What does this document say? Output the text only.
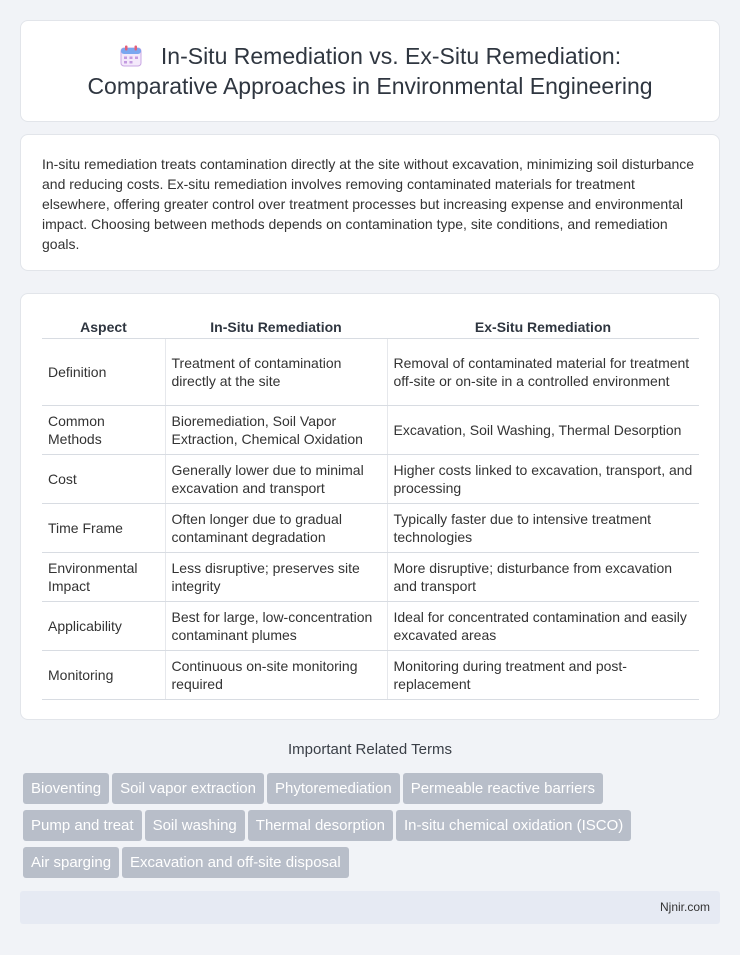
In-Situ Remediation vs. Ex-Situ Remediation:
Comparative Approaches in Environmental Engineering

In-situ remediation treats contamination directly at the site without excavation, minimizing soil disturbance and reducing costs. Ex-situ remediation involves removing contaminated materials for treatment elsewhere, offering greater control over treatment processes but increasing expense and environmental impact. Choosing between methods depends on contamination type, site conditions, and remediation goals.

Aspect	In-Situ Remediation	Ex-Situ Remediation
Definition	Treatment of contamination directly at the site	Removal of contaminated material for treatment off-site or on-site in a controlled environment
Common Methods	Bioremediation, Soil Vapor Extraction, Chemical Oxidation	Excavation, Soil Washing, Thermal Desorption
Cost	Generally lower due to minimal excavation and transport	Higher costs linked to excavation, transport, and processing
Time Frame	Often longer due to gradual contaminant degradation	Typically faster due to intensive treatment technologies
Environmental Impact	Less disruptive; preserves site integrity	More disruptive; disturbance from excavation and transport
Applicability	Best for large, low-concentration contaminant plumes	Ideal for concentrated contamination and easily excavated areas
Monitoring	Continuous on-site monitoring required	Monitoring during treatment and post-replacement
Important Related Terms
Bioventing Soil vapor extraction Phytoremediation Permeable reactive barriers
Pump and treat Soil washing Thermal desorption In-situ chemical oxidation (ISCO)
Air sparging Excavation and off-site disposal
Njnir.com
